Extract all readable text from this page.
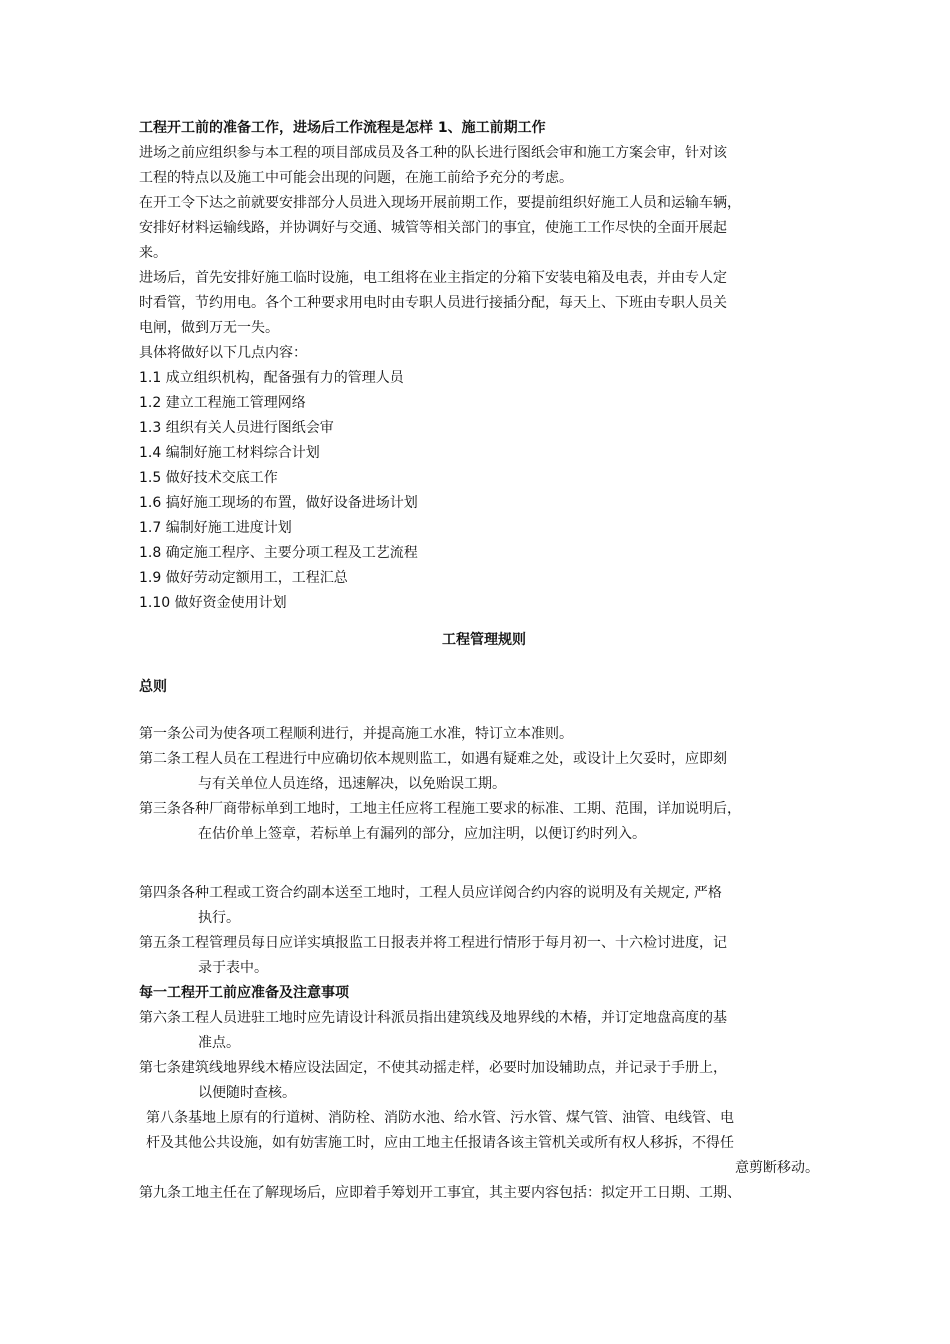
工程开工前的准备工作，进场后工作流程是怎样 1、施工前期工作

进场之前应组织参与本工程的项目部成员及各工种的队长进行图纸会审和施工方案会审，针对该

工程的特点以及施工中可能会出现的问题，在施工前给予充分的考虑。

在开工令下达之前就要安排部分人员进入现场开展前期工作，要提前组织好施工人员和运输车辆，

安排好材料运输线路，并协调好与交通、城管等相关部门的事宜，使施工工作尽快的全面开展起

来。

进场后，首先安排好施工临时设施，电工组将在业主指定的分箱下安装电箱及电表，并由专人定

时看管，节约用电。各个工种要求用电时由专职人员进行接插分配，每天上、下班由专职人员关

电闸，做到万无一失。

具体将做好以下几点内容：

1.1 成立组织机构，配备强有力的管理人员

1.2 建立工程施工管理网络

1.3 组织有关人员进行图纸会审

1.4 编制好施工材料综合计划

1.5 做好技术交底工作

1.6 搞好施工现场的布置，做好设备进场计划

1.7 编制好施工进度计划

1.8 确定施工程序、主要分项工程及工艺流程

1.9 做好劳动定额用工，工程汇总

1.10 做好资金使用计划

工程管理规则

总则

第一条公司为使各项工程顺利进行，并提高施工水准，特订立本准则。

第二条工程人员在工程进行中应确切依本规则监工，如遇有疑难之处，或设计上欠妥时，应即刻

与有关单位人员连络，迅速解决，以免贻误工期。

第三条各种厂商带标单到工地时，工地主任应将工程施工要求的标准、工期、范围，详加说明后，

在估价单上签章，若标单上有漏列的部分，应加注明，以便订约时列入。

第四条各种工程或工资合约副本送至工地时，工程人员应详阅合约内容的说明及有关规定, 严格

执行。

第五条工程管理员每日应详实填报监工日报表并将工程进行情形于每月初一、十六检讨进度，记

录于表中。

每一工程开工前应准备及注意事项

第六条工程人员进驻工地时应先请设计科派员指出建筑线及地界线的木椿，并订定地盘高度的基

准点。

第七条建筑线地界线木椿应设法固定，不使其动摇走样，必要时加设辅助点，并记录于手册上，

以便随时查核。

第八条基地上原有的行道树、消防栓、消防水池、给水管、污水管、煤气管、油管、电线管、电

杆及其他公共设施，如有妨害施工时，应由工地主任报请各该主管机关或所有权人移拆，不得任

意剪断移动。

第九条工地主任在了解现场后，应即着手筹划开工事宜，其主要内容包括：拟定开工日期、工期、
